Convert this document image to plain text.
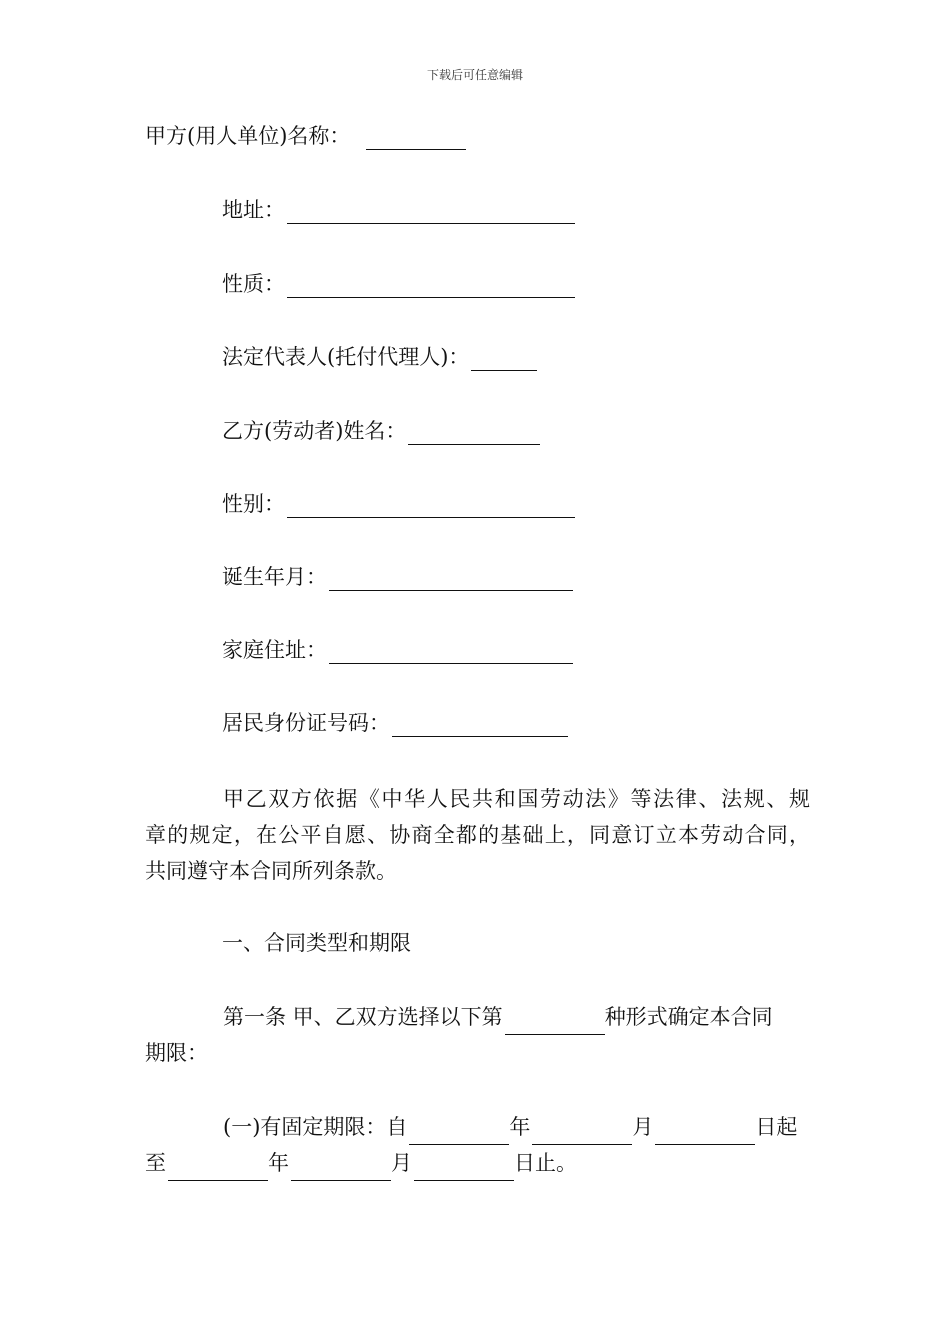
下载后可任意编辑
甲方(用人单位)名称：
地址：
性质：
法定代表人(托付代理人)：
乙方(劳动者)姓名：
性别：
诞生年月：
家庭住址：
居民身份证号码：
甲乙双方依据《中华人民共和国劳动法》等法律、法规、规
章的规定，在公平自愿、协商全都的基础上，同意订立本劳动合同，
共同遵守本合同所列条款。
一、合同类型和期限
第一条 甲、乙双方选择以下第	种形式确定本合同
期限：
(一)有固定期限：自	年	月	日起
至	年	月	日止。
